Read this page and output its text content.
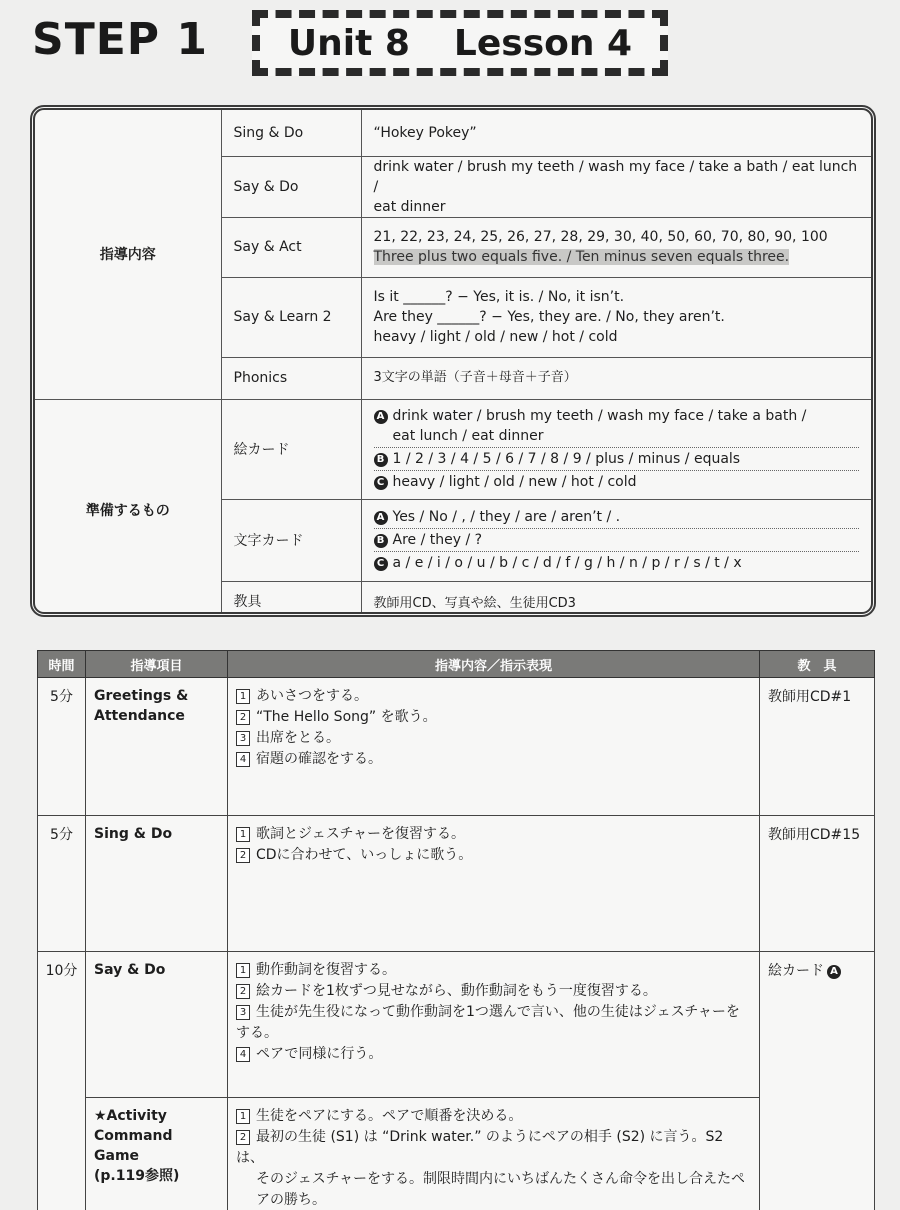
STEP 1 Unit 8 Lesson 4
指導内容	Sing & Do	“Hokey Pokey”

	Say & Do	drink water / brush my teeth / wash my face / take a bath / eat lunch /
eat dinner

	Say & Act	21, 22, 23, 24, 25, 26, 27, 28, 29, 30, 40, 50, 60, 70, 80, 90, 100
Three plus two equals five. / Ten minus seven equals three.

	Say & Learn 2	Is it ______? − Yes, it is. / No, it isn’t.
Are they ______? − Yes, they are. / No, they aren’t.
heavy / light / old / new / hot / cold

	Phonics	3文字の単語（子音＋母音＋子音）

準備するもの	絵カード	A drink water / brush my teeth / wash my face / take a bath /
eat lunch / eat dinner
B 1 / 2 / 3 / 4 / 5 / 6 / 7 / 8 / 9 / plus / minus / equals
C heavy / light / old / new / hot / cold

	文字カード	A Yes / No / , / they / are / aren’t / .
B Are / they / ?
C a / e / i / o / u / b / c / d / f / g / h / n / p / r / s / t / x

	教具	教師用CD、写真や絵、生徒用CD3
時間	指導項目	指導内容／指示表現	教　具
5分	Greetings & Attendance	1 あいさつをする。
2 “The Hello Song” を歌う。
3 出席をとる。
4 宿題の確認をする。	教師用CD#1
5分	Sing & Do	1 歌詞とジェスチャーを復習する。
2 CDに合わせて、いっしょに歌う。	教師用CD#15
10分	Say & Do	1 動作動詞を復習する。
2 絵カードを1枚ずつ見せながら、動作動詞をもう一度復習する。
3 生徒が先生役になって動作動詞を1つ選んで言い、他の生徒はジェスチャーをする。
4 ペアで同様に行う。	絵カード A

	★Activity
Command Game
(p.119参照)	1 生徒をペアにする。ペアで順番を決める。
2 最初の生徒 (S1) は “Drink water.” のようにペアの相手 (S2) に言う。S2は、
そのジェスチャーをする。制限時間内にいちばんたくさん命令を出し合えたペ
アの勝ち。	
